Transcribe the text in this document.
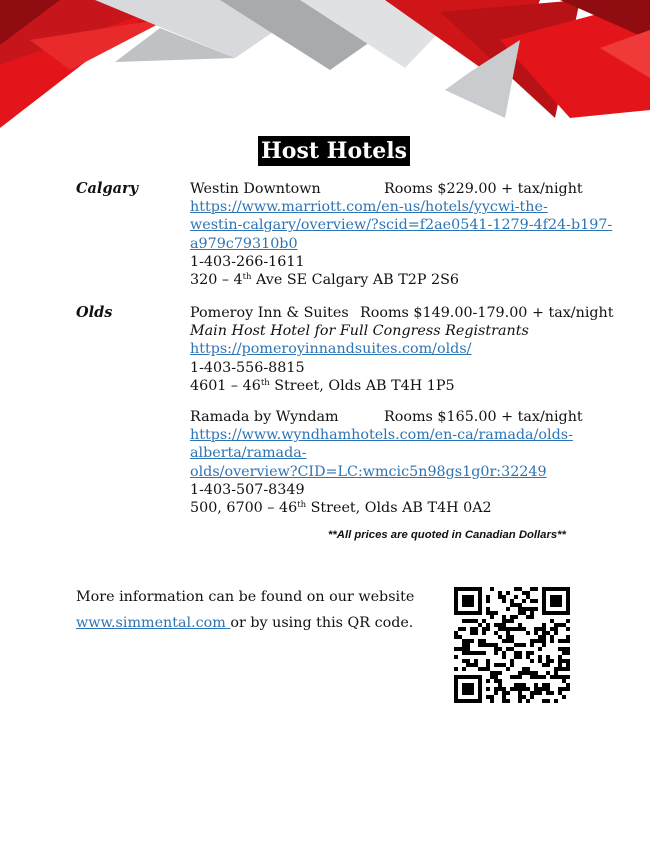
Host Hotels
Calgary	Westin Downtown	Rooms $229.00 + tax/night
https://www.marriott.com/en-us/hotels/yycwi-the-
westin-calgary/overview/?scid=f2ae0541-1279-4f24-b197-
a979c79310b0
1-403-266-1611
320 – 4th Ave SE Calgary AB T2P 2S6
Olds	Pomeroy Inn & Suites Rooms $149.00-179.00 + tax/night
Main Host Hotel for Full Congress Registrants
https://pomeroyinnandsuites.com/olds/
1-403-556-8815
4601 – 46th Street, Olds AB T4H 1P5
Ramada by Wyndam	Rooms $165.00 + tax/night
https://www.wyndhamhotels.com/en-ca/ramada/olds-
alberta/ramada-
olds/overview?CID=LC:wmcic5n98gs1g0r:32249
1-403-507-8349
500, 6700 – 46th Street, Olds AB T4H 0A2
**All prices are quoted in Canadian Dollars**
More information can be found on our website
www.simmental.com or by using this QR code.
